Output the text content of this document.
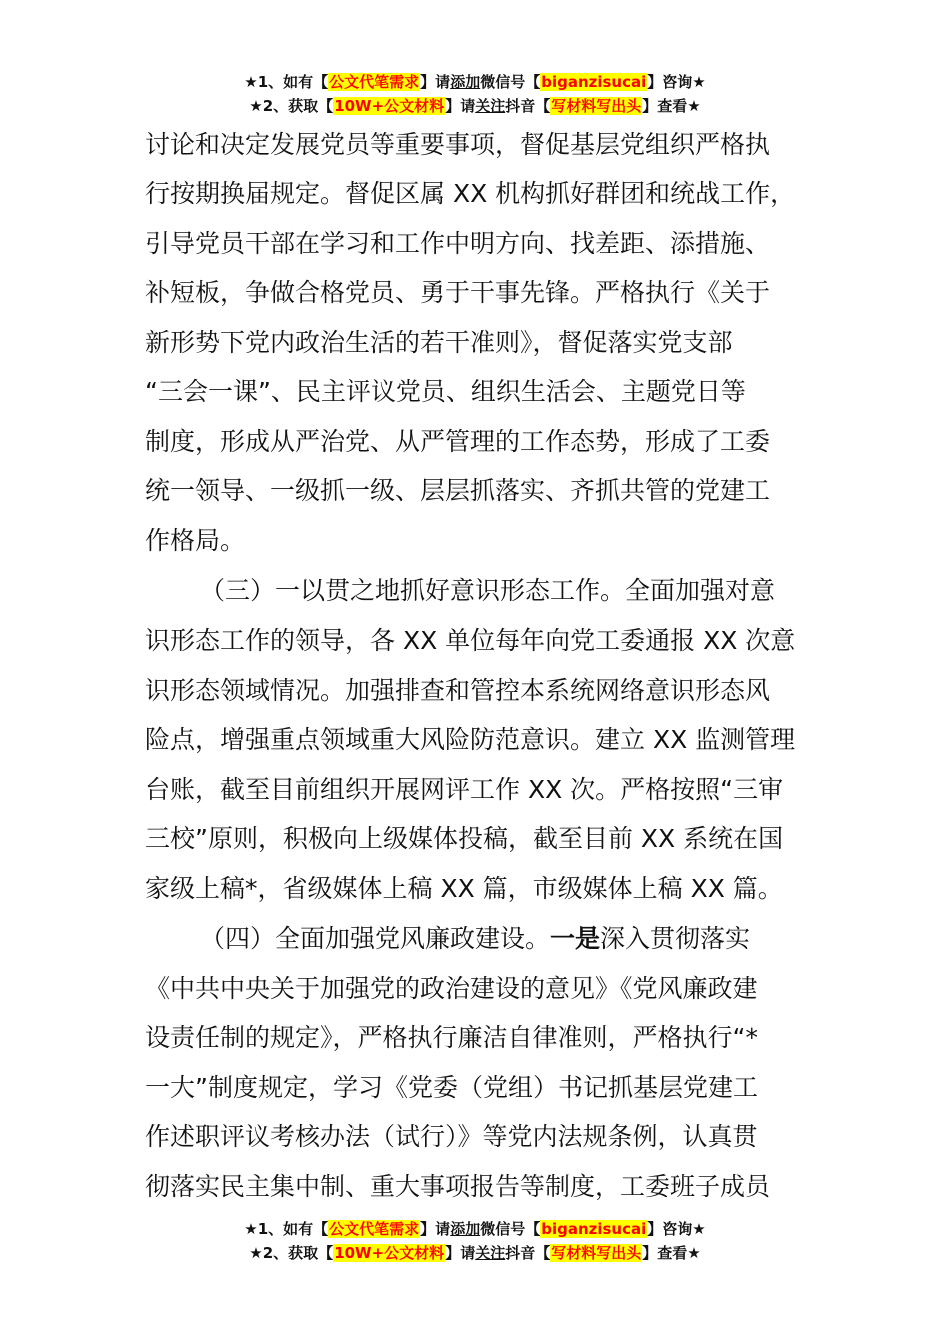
★1、如有【公文代笔需求】请添加微信号【biganzisucai】咨询★
★2、获取【10W+公文材料】请关注抖音【写材料写出头】查看★
讨论和决定发展党员等重要事项，督促基层党组织严格执
行按期换届规定。督促区属 XX 机构抓好群团和统战工作，
引导党员干部在学习和工作中明方向、找差距、添措施、
补短板，争做合格党员、勇于干事先锋。严格执行《关于
新形势下党内政治生活的若干准则》，督促落实党支部
“三会一课”、民主评议党员、组织生活会、主题党日等
制度，形成从严治党、从严管理的工作态势，形成了工委
统一领导、一级抓一级、层层抓落实、齐抓共管的党建工
作格局。
（三）一以贯之地抓好意识形态工作。全面加强对意
识形态工作的领导，各 XX 单位每年向党工委通报 XX 次意
识形态领域情况。加强排查和管控本系统网络意识形态风
险点，增强重点领域重大风险防范意识。建立 XX 监测管理
台账，截至目前组织开展网评工作 XX 次。严格按照“三审
三校”原则，积极向上级媒体投稿，截至目前 XX 系统在国
家级上稿*，省级媒体上稿 XX 篇，市级媒体上稿 XX 篇。
（四）全面加强党风廉政建设。一是深入贯彻落实
《中共中央关于加强党的政治建设的意见》《党风廉政建
设责任制的规定》，严格执行廉洁自律准则，严格执行“*
一大”制度规定，学习《党委（党组）书记抓基层党建工
作述职评议考核办法（试行）》等党内法规条例，认真贯
彻落实民主集中制、重大事项报告等制度，工委班子成员
★1、如有【公文代笔需求】请添加微信号【biganzisucai】咨询★
★2、获取【10W+公文材料】请关注抖音【写材料写出头】查看★
